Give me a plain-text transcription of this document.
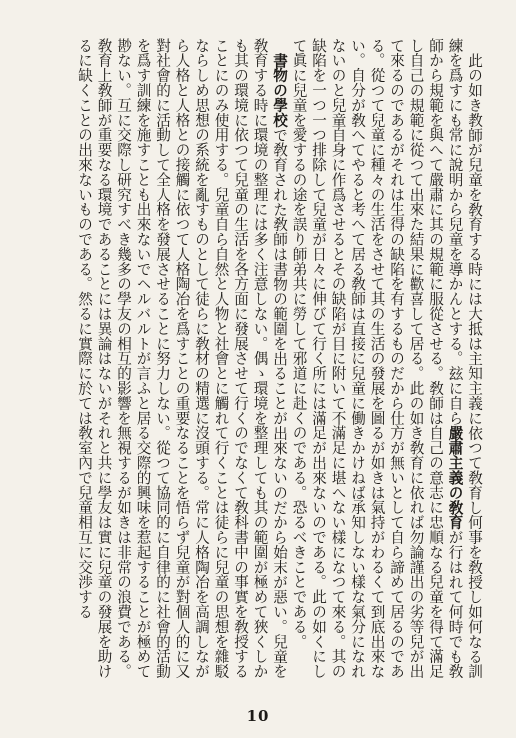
此の如き教師が兒童を敎育する時には大抵は主知主義に依つて敎育し何事を敎授し如何なる訓練を爲すにも常に說明から兒童を導かんとする。玆に自ら嚴肅主義の敎育が行はれて何時でも敎師から規範を與へて嚴肅に其の規範に服從させる。敎師は自己の意志に忠順なる兒童を得て滿足し自己の規範に從つて出來た結果に歡喜して居る。此の如き敎育に依れば勿論謹出の劣等兒が出て來るのであるがそれは生得の缺陷を有するものだから仕方が無いとして自ら諦めて居るのである。從つて兒童に種々の生活をさせて其の生活の發展を圖るが如きは氣持がわるくて到底出來ない。自分が敎へてやると考へて居る敎師は直接に兒童に働きかけねば承知しない樣な氣分になれないのと兒童自身に作爲させるとその缺陷が目に附いて不滿足に堪へない樣になつて來る。其の缺陷を一つ一つ排除して兒童が日々に伸びて行く所には滿足が出來ないのである。此の如くにして眞に兒童を愛するの途を誤り師弟共に勞して邪道に赴くのである。恐るべきことである。

書物の學校で敎育された敎師は書物の範圍を出ることが出來ないのだから始末が惡い。兒童を敎育する時に環境の整理には多く注意しない。偶ゝ環境を整理しても其の範圍が極めて狹くしかも其の環境に依つて兒童の生活を各方面に發展させて行くのでなくて敎科書中の事實を敎授することにのみ使用する。兒童自ら自然と人物と社會とに觸れて行くことは徒らに兒童の思想を雜駁ならしめ思想の系統を亂すものとして徒らに敎材の精選に沒頭する。常に人格陶冶を高調しながら人格と人格との接觸に依つて人格陶冶を爲すことの重要なることを悟らず兒童が對個人的に又對社會的に活動して全人格を發展させることに努力しない。從つて協同的に自律的に社會的活動を爲す訓練を施すことも出來ないでヘルバルトが言ふと居る交際的興味を惹起することが極めて尠ない。互に交際し研究すべき幾多の學友の相互的影響を無視するが如きは非常の浪費である。敎育上敎師が重要なる環境であることには異論はないがそれと共に學友は實に兒童の發展を助けるに缺くことの出來ないものである。然るに實際に於ては敎室內で兒童相互に交渉する

10
